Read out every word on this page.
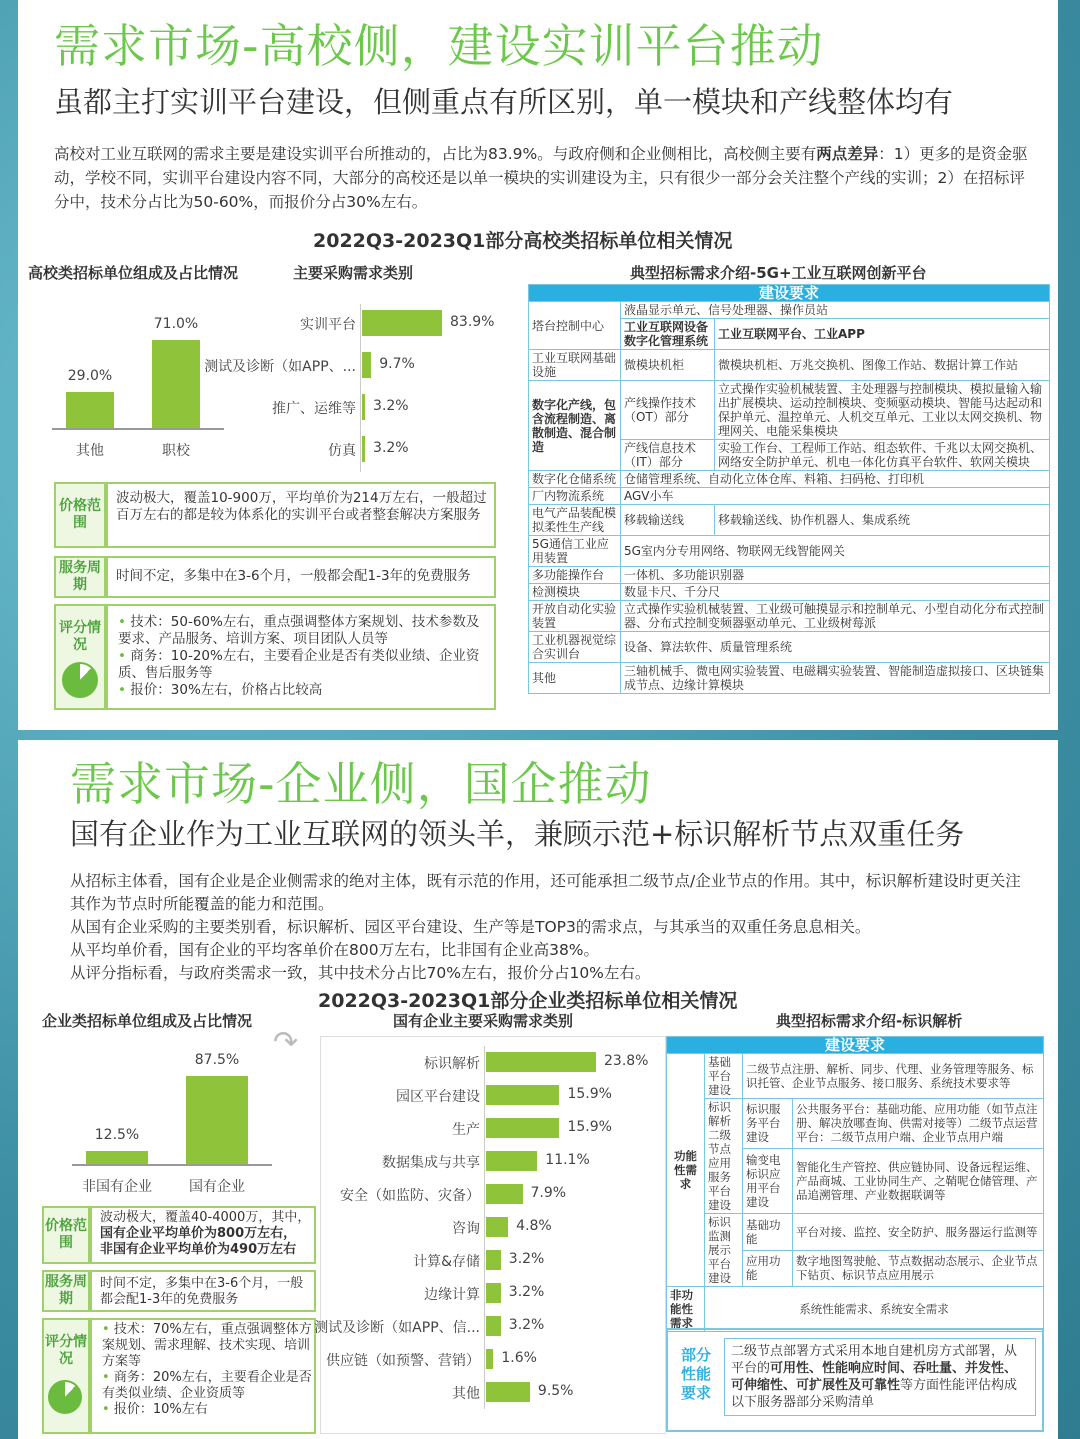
需求市场-高校侧，建设实训平台推动
虽都主打实训平台建设，但侧重点有所区别，单一模块和产线整体均有
高校对工业互联网的需求主要是建设实训平台所推动的，占比为83.9%。与政府侧和企业侧相比，高校侧主要有两点差异：1）更多的是资金驱动，学校不同，实训平台建设内容不同，大部分的高校还是以单一模块的实训建设为主，只有很少一部分会关注整个产线的实训；2）在招标评分中，技术分占比为50-60%，而报价分占30%左右。
2022Q3-2023Q1部分高校类招标单位相关情况
高校类招标单位组成及占比情况	主要采购需求类别	典型招标需求介绍-5G+工业互联网创新平台
价格范围
波动极大，覆盖10-900万，平均单价为214万左右，一般超过百万左右的都是较为体系化的实训平台或者整套解决方案服务
服务周期
时间不定，多集中在3-6个月，一般都会配1-3年的免费服务
评分情况
• 技术：50-60%左右，重点强调整体方案规划、技术参数及要求、产品服务、培训方案、项目团队人员等
• 商务：10-20%左右，主要看企业是否有类似业绩、企业资质、售后服务等
• 报价：30%左右，价格占比较高
建设要求		
塔台控制中心	液晶显示单元、信号处理器、操作员站	
	工业互联网设备数字化管理系统	工业互联网平台、工业APP
工业互联网基础设施	微模块机柜	微模块机柜、万兆交换机、图像工作站、数据计算工作站
数字化产线，包含流程制造、离散制造、混合制造	产线操作技术（OT）部分	立式操作实验机械装置、主处理器与控制模块、模拟量输入输出扩展模块、运动控制模块、变频驱动模块、智能马达起动和保护单元、温控单元、人机交互单元、工业以太网交换机、物理网关、电能采集模块
	产线信息技术（IT）部分	实验工作台、工程师工作站、组态软件、千兆以太网交换机、网络安全防护单元、机电一体化仿真平台软件、软网关模块
数字化仓储系统	仓储管理系统、自动化立体仓库、料箱、扫码枪、打印机	
厂内物流系统	AGV小车	
电气产品装配模拟柔性生产线	移载输送线	移载输送线、协作机器人、集成系统
5G通信工业应用装置	5G室内分专用网络、物联网无线智能网关	
多功能操作台	一体机、多功能识别器	
检测模块	数显卡尺、千分尺	
开放自动化实验装置	立式操作实验机械装置、工业级可触摸显示和控制单元、小型自动化分布式控制器、分布式控制变频器驱动单元、工业级树莓派	
工业机器视觉综合实训台	设备、算法软件、质量管理系统	
其他	三轴机械手、微电网实验装置、电磁耦实验装置、智能制造虚拟接口、区块链集成节点、边缘计算模块	
29.0%
其他
71.0%
职校
实训平台	83.9%
测试及诊断（如APP、... 9.7%
推广、运维等 3.2%
仿真 3.2%
需求市场-企业侧，国企推动
国有企业作为工业互联网的领头羊，兼顾示范+标识解析节点双重任务
从招标主体看，国有企业是企业侧需求的绝对主体，既有示范的作用，还可能承担二级节点/企业节点的作用。其中，标识解析建设时更关注其作为节点时所能覆盖的能力和范围。
从国有企业采购的主要类别看，标识解析、园区平台建设、生产等是TOP3的需求点，与其承当的双重任务息息相关。
从平均单价看，国有企业的平均客单价在800万左右，比非国有企业高38%。
从评分指标看，与政府类需求一致，其中技术分占比70%左右，报价分占10%左右。
2022Q3-2023Q1部分企业类招标单位相关情况
企业类招标单位组成及占比情况	国有企业主要采购需求类别	典型招标需求介绍-标识解析
↷
价格范围
波动极大，覆盖40-4000万，其中，
国有企业平均单价为800万左右，
非国有企业平均单价为490万左右
服务周期
时间不定，多集中在3-6个月，一般都会配1-3年的免费服务
评分情况
• 技术：70%左右，重点强调整体方案规划、需求理解、技术实现、培训方案等
• 商务：20%左右，主要看企业是否有类似业绩、企业资质等
• 报价：10%左右
建设要求			
功能性需求	基础平台建设	二级节点注册、解析、同步、代理、业务管理等服务、标识托管、企业节点服务、接口服务、系统技术要求等	
	标识解析二级节点应用服务平台建设	标识服务平台建设	公共服务平台：基础功能、应用功能（如节点注册、解决放哪查询、供需对接等）二级节点运营平台：二级节点用户端、企业节点用户端
		输变电标识应用平台建设	智能化生产管控、供应链协同、设备远程运维、产品商城、工业协同生产、之鞘呢仓储管理、产品追溯管理、产业数据联调等
	标识监测展示平台建设	基础功能	平台对接、监控、安全防护、服务器运行监测等
		应用功能	数字地图驾驶舱、节点数据动态展示、企业节点下钻页、标识节点应用展示
非功能性需求	系统性能需求、系统安全需求		
部分性能要求
二级节点部署方式采用本地自建机房方式部署，从平台的可用性、性能响应时间、吞吐量、并发性、可伸缩性、可扩展性及可靠性等方面性能评估构成以下服务器部分采购清单
12.5%
非国有企业
87.5%
国有企业
标识解析	23.8%
园区平台建设	15.9%
生产	15.9%
数据集成与共享	11.1%
安全（如监防、灾备）	7.9%
咨询	4.8%
计算&存储 3.2%
边缘计算 3.2%
测试及诊断（如APP、信... 3.2%
供应链（如预警、营销） 1.6%
其他	9.5%
